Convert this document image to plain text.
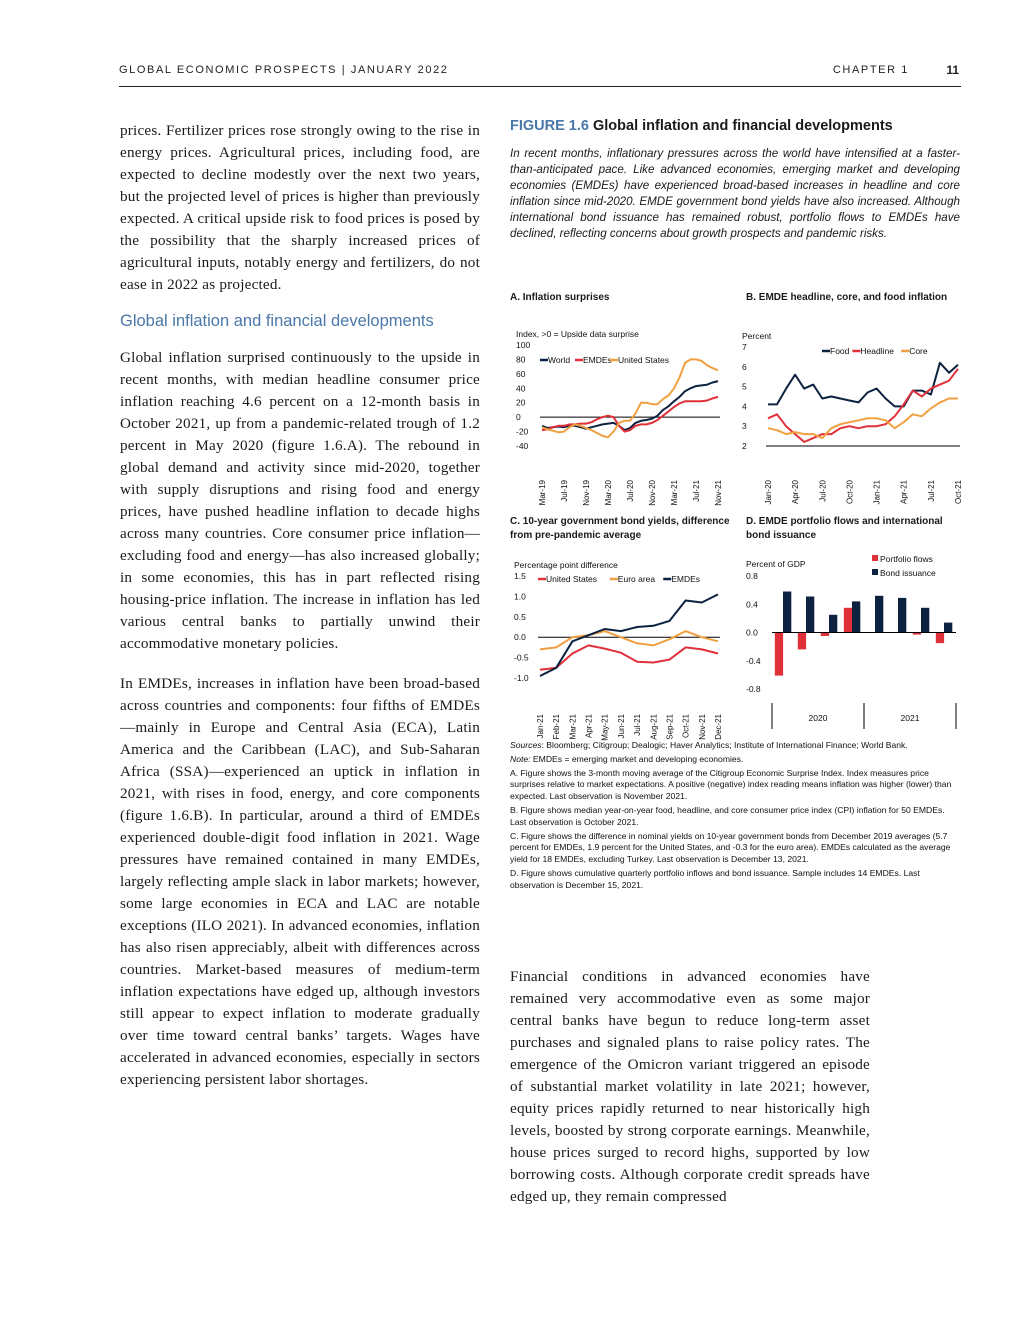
GLOBAL ECONOMIC PROSPECTS | JANUARY 2022	CHAPTER 1	11

prices. Fertilizer prices rose strongly owing to the rise in energy prices. Agricultural prices, including food, are expected to decline modestly over the next two years, but the projected level of prices is higher than previously expected. A critical upside risk to food prices is posed by the possibility that the sharply increased prices of agricultural inputs, notably energy and fertilizers, do not ease in 2022 as projected.

Global inflation and financial developments

Global inflation surprised continuously to the upside in recent months, with median headline consumer price inflation reaching 4.6 percent on a 12-month basis in October 2021, up from a pandemic-related trough of 1.2 percent in May 2020 (figure 1.6.A). The rebound in global demand and activity since mid-2020, together with supply disruptions and rising food and energy prices, have pushed headline inflation to decade highs across many countries. Core consumer price inflation—excluding food and energy—has also increased globally; in some economies, this has in part reflected rising housing-price inflation. The increase in inflation has led various central banks to partially unwind their accommodative monetary policies.

In EMDEs, increases in inflation have been broad-based across countries and components: four fifths of EMDEs—mainly in Europe and Central Asia (ECA), Latin America and the Caribbean (LAC), and Sub-Saharan Africa (SSA)—experienced an uptick in inflation in 2021, with rises in food, energy, and core components (figure 1.6.B). In particular, around a third of EMDEs experienced double-digit food inflation in 2021. Wage pressures have remained contained in many EMDEs, largely reflecting ample slack in labor markets; however, some large economies in ECA and LAC are notable exceptions (ILO 2021). In advanced economies, inflation has also risen appreciably, albeit with differences across countries. Market-based measures of medium-term inflation expectations have edged up, although investors still appear to expect inflation to moderate gradually over time toward central banks’ targets. Wages have accelerated in advanced economies, especially in sectors experiencing persistent labor shortages.

FIGURE 1.6 Global inflation and financial developments

In recent months, inflationary pressures across the world have intensified at a faster-than-anticipated pace. Like advanced economies, emerging market and developing economies (EMDEs) have experienced broad-based increases in headline and core inflation since mid-2020. EMDE government bond yields have also increased. Although international bond issuance has remained robust, portfolio flows to EMDEs have declined, reflecting concerns about growth prospects and pandemic risks.

A. Inflation surprises
Index, >0 = Upside data surprise
100
80
60
40
20
0
-20
-40
Mar-19 Jul-19 Nov-19 Mar-20 Jul-20 Nov-20 Mar-21 Jul-21 Nov-21
World EMDEs United States
B. EMDE headline, core, and food inflation
Percent
7
6
5
4
3
2
Jan-20 Apr-20 Jul-20 Oct-20 Jan-21 Apr-21 Jul-21 Oct-21
Food Headline Core
C. 10-year government bond yields, difference from pre-pandemic average
Percentage point difference
1.5
1.0
0.5
0.0
-0.5
-1.0
Jan-21 Feb-21 Mar-21 Apr-21 May-21 Jun-21 Jul-21 Aug-21 Sep-21 Oct-21 Nov-21 Dec-21
United States Euro area EMDEs
D. EMDE portfolio flows and international bond issuance
Percent of GDP
0.8
0.4
0.0
-0.4
-0.8
2020	2021
Portfolio flows
Bond issuance
Sources: Bloomberg; Citigroup; Dealogic; Haver Analytics; Institute of International Finance; World Bank.
Note: EMDEs = emerging market and developing economies.
A. Figure shows the 3-month moving average of the Citigroup Economic Surprise Index. Index measures price surprises relative to market expectations. A positive (negative) index reading means inflation was higher (lower) than expected. Last observation is November 2021.
B. Figure shows median year-on-year food, headline, and core consumer price index (CPI) inflation for 50 EMDEs. Last observation is October 2021.
C. Figure shows the difference in nominal yields on 10-year government bonds from December 2019 averages (5.7 percent for EMDEs, 1.9 percent for the United States, and -0.3 for the euro area). EMDEs calculated as the average yield for 18 EMDEs, excluding Turkey. Last observation is December 13, 2021.
D. Figure shows cumulative quarterly portfolio inflows and bond issuance. Sample includes 14 EMDEs. Last observation is December 15, 2021.

Financial conditions in advanced economies have remained very accommodative even as some major central banks have begun to reduce long-term asset purchases and signaled plans to raise policy rates. The emergence of the Omicron variant triggered an episode of substantial market volatility in late 2021; however, equity prices rapidly returned to near historically high levels, boosted by strong corporate earnings. Meanwhile, house prices surged to record highs, supported by low borrowing costs. Although corporate credit spreads have edged up, they remain compressed
